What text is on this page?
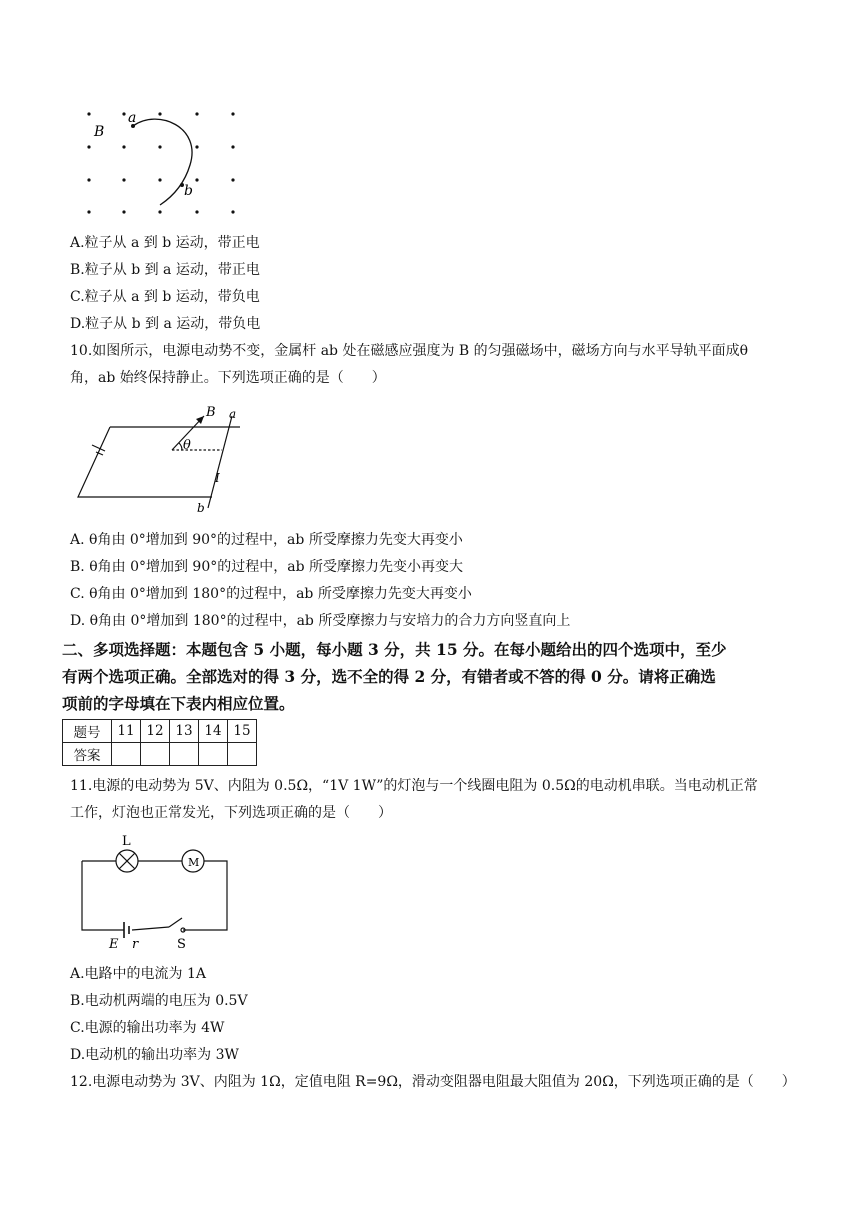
B
a
b
A.粒子从 a 到 b 运动，带正电
B.粒子从 b 到 a 运动，带正电
C.粒子从 a 到 b 运动，带负电
D.粒子从 b 到 a 运动，带负电
10.如图所示，电源电动势不变，金属杆 ab 处在磁感应强度为 B 的匀强磁场中，磁场方向与水平导轨平面成θ
角，ab 始终保持静止。下列选项正确的是（　　）
B a
θ
I
b
A. θ角由 0°增加到 90°的过程中，ab 所受摩擦力先变大再变小
B. θ角由 0°增加到 90°的过程中，ab 所受摩擦力先变小再变大
C. θ角由 0°增加到 180°的过程中，ab 所受摩擦力先变大再变小
D. θ角由 0°增加到 180°的过程中，ab 所受摩擦力与安培力的合力方向竖直向上
二、多项选择题：本题包含 5 小题，每小题 3 分，共 15 分。在每小题给出的四个选项中，至少
有两个选项正确。全部选对的得 3 分，选不全的得 2 分，有错者或不答的得 0 分。请将正确选
项前的字母填在下表内相应位置。
题号	11	12	13	14	15
答案					
11.电源的电动势为 5V、内阻为 0.5Ω，“1V 1W”的灯泡与一个线圈电阻为 0.5Ω的电动机串联。当电动机正常
工作，灯泡也正常发光，下列选项正确的是（　　）
L
M
E r	S
A.电路中的电流为 1A
B.电动机两端的电压为 0.5V
C.电源的输出功率为 4W
D.电动机的输出功率为 3W
12.电源电动势为 3V、内阻为 1Ω，定值电阻 R=9Ω，滑动变阻器电阻最大阻值为 20Ω，下列选项正确的是（　　）
